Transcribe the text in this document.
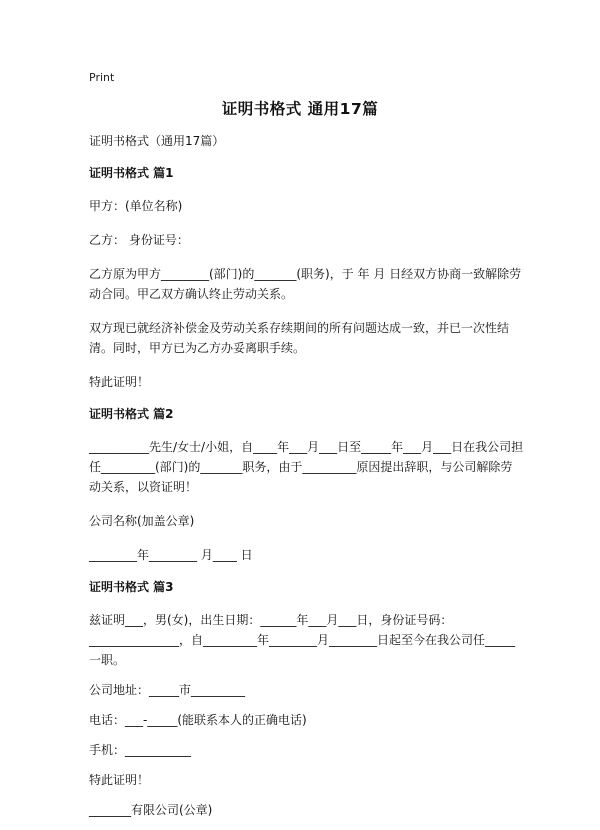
Print
证明书格式 通用17篇
证明书格式（通用17篇）
证明书格式 篇1
甲方：(单位名称)
乙方： 身份证号：
乙方原为甲方________(部门)的_______(职务)，于 年 月 日经双方协商一致解除劳动合同。甲乙双方确认终止劳动关系。
双方现已就经济补偿金及劳动关系存续期间的所有问题达成一致，并已一次性结清。同时，甲方已为乙方办妥离职手续。
特此证明！
证明书格式 篇2
__________先生/女士/小姐，自____年___月___日至_____年___月___日在我公司担任_________(部门)的_______职务，由于_________原因提出辞职，与公司解除劳动关系，以资证明！
公司名称(加盖公章)
________年________ 月____ 日
证明书格式 篇3
兹证明___，男(女)，出生日期：______年___月___日，身份证号码：_______________，自_________年________月________日起至今在我公司任_____一职。
公司地址：_____市_________
电话：___-_____(能联系本人的正确电话)
手机：___________
特此证明！
_______有限公司(公章)
